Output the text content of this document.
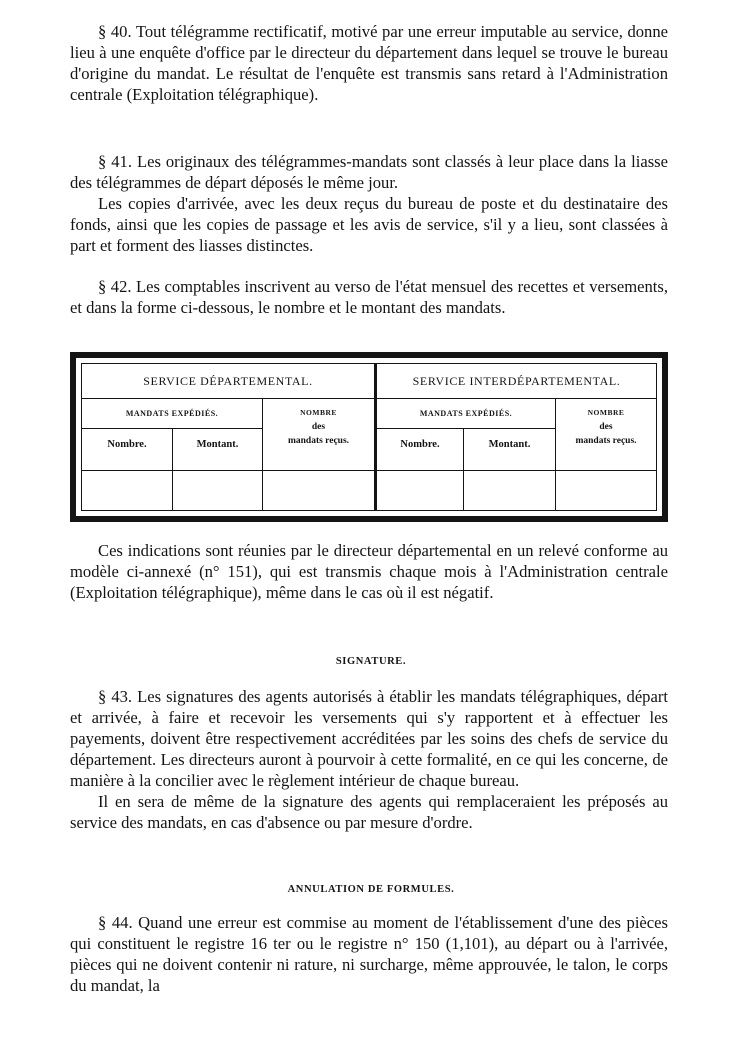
§ 40. Tout télégramme rectificatif, motivé par une erreur imputable au service, donne lieu à une enquête d'office par le directeur du département dans lequel se trouve le bureau d'origine du mandat. Le résultat de l'enquête est transmis sans retard à l'Administration centrale (Exploitation télégraphique).

§ 41. Les originaux des télégrammes-mandats sont classés à leur place dans la liasse des télégrammes de départ déposés le même jour.

Les copies d'arrivée, avec les deux reçus du bureau de poste et du destinataire des fonds, ainsi que les copies de passage et les avis de service, s'il y a lieu, sont classées à part et forment des liasses distinctes.

§ 42. Les comptables inscrivent au verso de l'état mensuel des recettes et versements, et dans la forme ci-dessous, le nombre et le montant des mandats.

SERVICE DÉPARTEMENTAL.
MANDATS EXPÉDIÉS.
Nombre.	Montant.
NOMBRE
des
mandats reçus.
SERVICE INTERDÉPARTEMENTAL.
MANDATS EXPÉDIÉS.
Nombre.	Montant.
NOMBRE
des
mandats reçus.

Ces indications sont réunies par le directeur départemental en un relevé conforme au modèle ci-annexé (n° 151), qui est transmis chaque mois à l'Administration centrale (Exploitation télégraphique), même dans le cas où il est négatif.

SIGNATURE.

§ 43. Les signatures des agents autorisés à établir les mandats télégraphiques, départ et arrivée, à faire et recevoir les versements qui s'y rapportent et à effectuer les payements, doivent être respectivement accréditées par les soins des chefs de service du département. Les directeurs auront à pourvoir à cette formalité, en ce qui les concerne, de manière à la concilier avec le règlement intérieur de chaque bureau.

Il en sera de même de la signature des agents qui remplaceraient les préposés au service des mandats, en cas d'absence ou par mesure d'ordre.

ANNULATION DE FORMULES.

§ 44. Quand une erreur est commise au moment de l'établissement d'une des pièces qui constituent le registre 16 ter ou le registre n° 150 (1,101), au départ ou à l'arrivée, pièces qui ne doivent contenir ni rature, ni surcharge, même approuvée, le talon, le corps du mandat, la
